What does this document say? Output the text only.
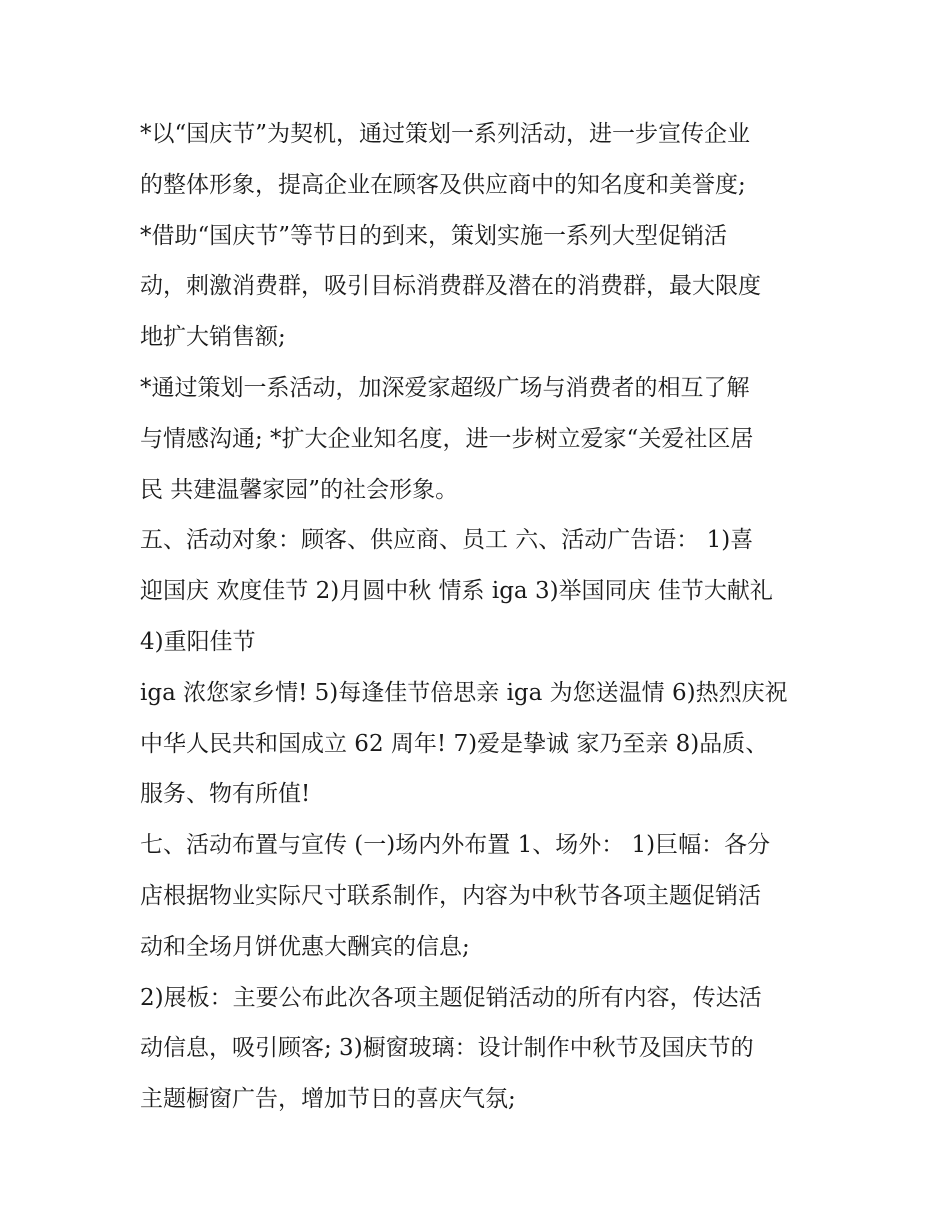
*以“国庆节”为契机，通过策划一系列活动，进一步宣传企业
的整体形象，提高企业在顾客及供应商中的知名度和美誉度;
*借助“国庆节”等节日的到来，策划实施一系列大型促销活
动，刺激消费群，吸引目标消费群及潜在的消费群，最大限度
地扩大销售额;
*通过策划一系活动，加深爱家超级广场与消费者的相互了解
与情感沟通; *扩大企业知名度，进一步树立爱家“关爱社区居
民 共建温馨家园”的社会形象。
五、活动对象：顾客、供应商、员工 六、活动广告语： 1)喜
迎国庆 欢度佳节 2)月圆中秋 情系 iga 3)举国同庆 佳节大献礼
4)重阳佳节
iga 浓您家乡情! 5)每逢佳节倍思亲 iga 为您送温情 6)热烈庆祝
中华人民共和国成立 62 周年! 7)爱是挚诚 家乃至亲 8)品质、
服务、物有所值!
七、活动布置与宣传 (一)场内外布置 1、场外： 1)巨幅：各分
店根据物业实际尺寸联系制作，内容为中秋节各项主题促销活
动和全场月饼优惠大酬宾的信息;
2)展板：主要公布此次各项主题促销活动的所有内容，传达活
动信息，吸引顾客; 3)橱窗玻璃：设计制作中秋节及国庆节的
主题橱窗广告，增加节日的喜庆气氛;
